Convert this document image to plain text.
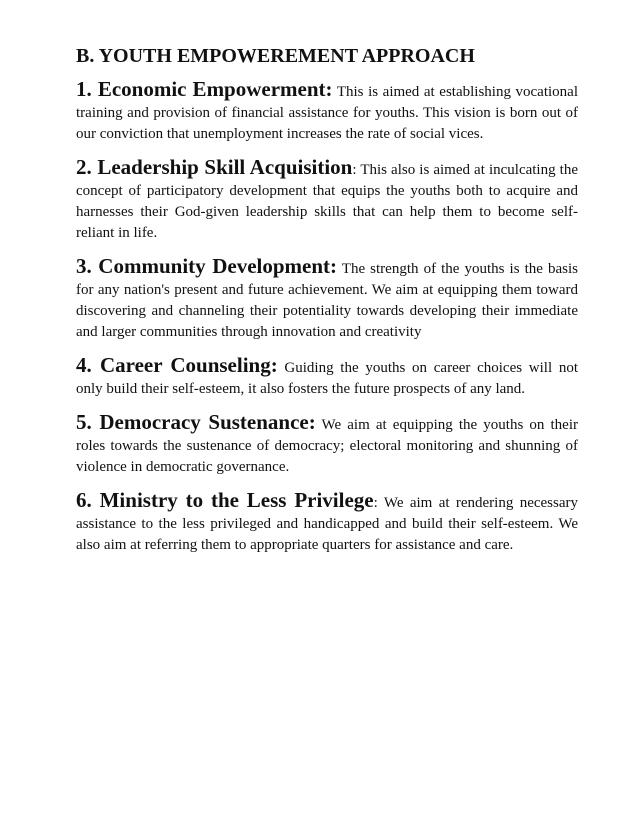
B. YOUTH EMPOWEREMENT APPROACH

1. Economic Empowerment: This is aimed at establishing vocational training and provision of financial assistance for youths. This vision is born out of our conviction that unemployment increases the rate of social vices.

2. Leadership Skill Acquisition: This also is aimed at inculcating the concept of participatory development that equips the youths both to acquire and harnesses their God-given leadership skills that can help them to become self-reliant in life.

3. Community Development: The strength of the youths is the basis for any nation's present and future achievement. We aim at equipping them toward discovering and channeling their potentiality towards developing their immediate and larger communities through innovation and creativity

4. Career Counseling: Guiding the youths on career choices will not only build their self-esteem, it also fosters the future prospects of any land.

5. Democracy Sustenance: We aim at equipping the youths on their roles towards the sustenance of democracy; electoral monitoring and shunning of violence in democratic governance.

6. Ministry to the Less Privilege: We aim at rendering necessary assistance to the less privileged and handicapped and build their self-esteem. We also aim at referring them to appropriate quarters for assistance and care.
